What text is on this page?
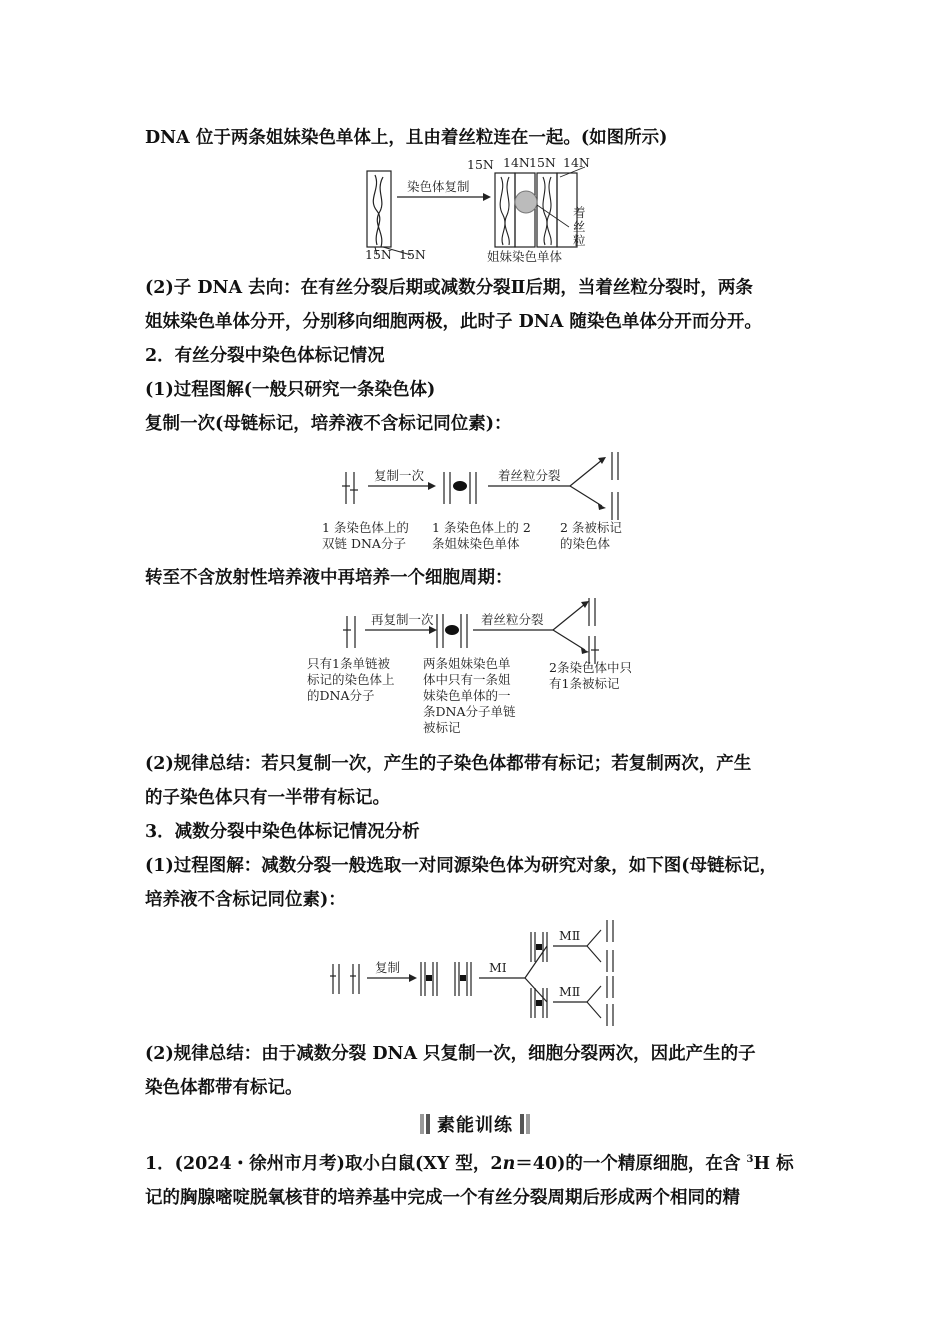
DNA 位于两条姐妹染色单体上，且由着丝粒连在一起。(如图所示)
15N 15N
染色体复制
15N 14N 15N 14N
着
丝
粒
姐妹染色单体
(2)子 DNA 去向：在有丝分裂后期或减数分裂Ⅱ后期，当着丝粒分裂时，两条
姐妹染色单体分开，分别移向细胞两极，此时子 DNA 随染色单体分开而分开。
2．有丝分裂中染色体标记情况
(1)过程图解(一般只研究一条染色体)
复制一次(母链标记，培养液不含标记同位素)：
复制一次	着丝粒分裂
1 条染色体上的
双链 DNA分子
1 条染色体上的 2
条姐妹染色单体
2 条被标记
的染色体
转至不含放射性培养液中再培养一个细胞周期：
再复制一次	着丝粒分裂
只有1条单链被
标记的染色体上
的DNA分子
两条姐妹染色单
体中只有一条姐
妹染色单体的一
条DNA分子单链
被标记
2条染色体中只
有1条被标记
(2)规律总结：若只复制一次，产生的子染色体都带有标记；若复制两次，产生
的子染色体只有一半带有标记。
3．减数分裂中染色体标记情况分析
(1)过程图解：减数分裂一般选取一对同源染色体为研究对象，如下图(母链标记，
培养液不含标记同位素)：
复制	MⅠ
MⅡ
MⅡ
(2)规律总结：由于减数分裂 DNA 只复制一次，细胞分裂两次，因此产生的子
染色体都带有标记。
素能训练
1．(2024・徐州市月考)取小白鼠(XY 型，2n＝40)的一个精原细胞，在含 $^3$H 标
记的胸腺嘧啶脱氧核苷的培养基中完成一个有丝分裂周期后形成两个相同的精
